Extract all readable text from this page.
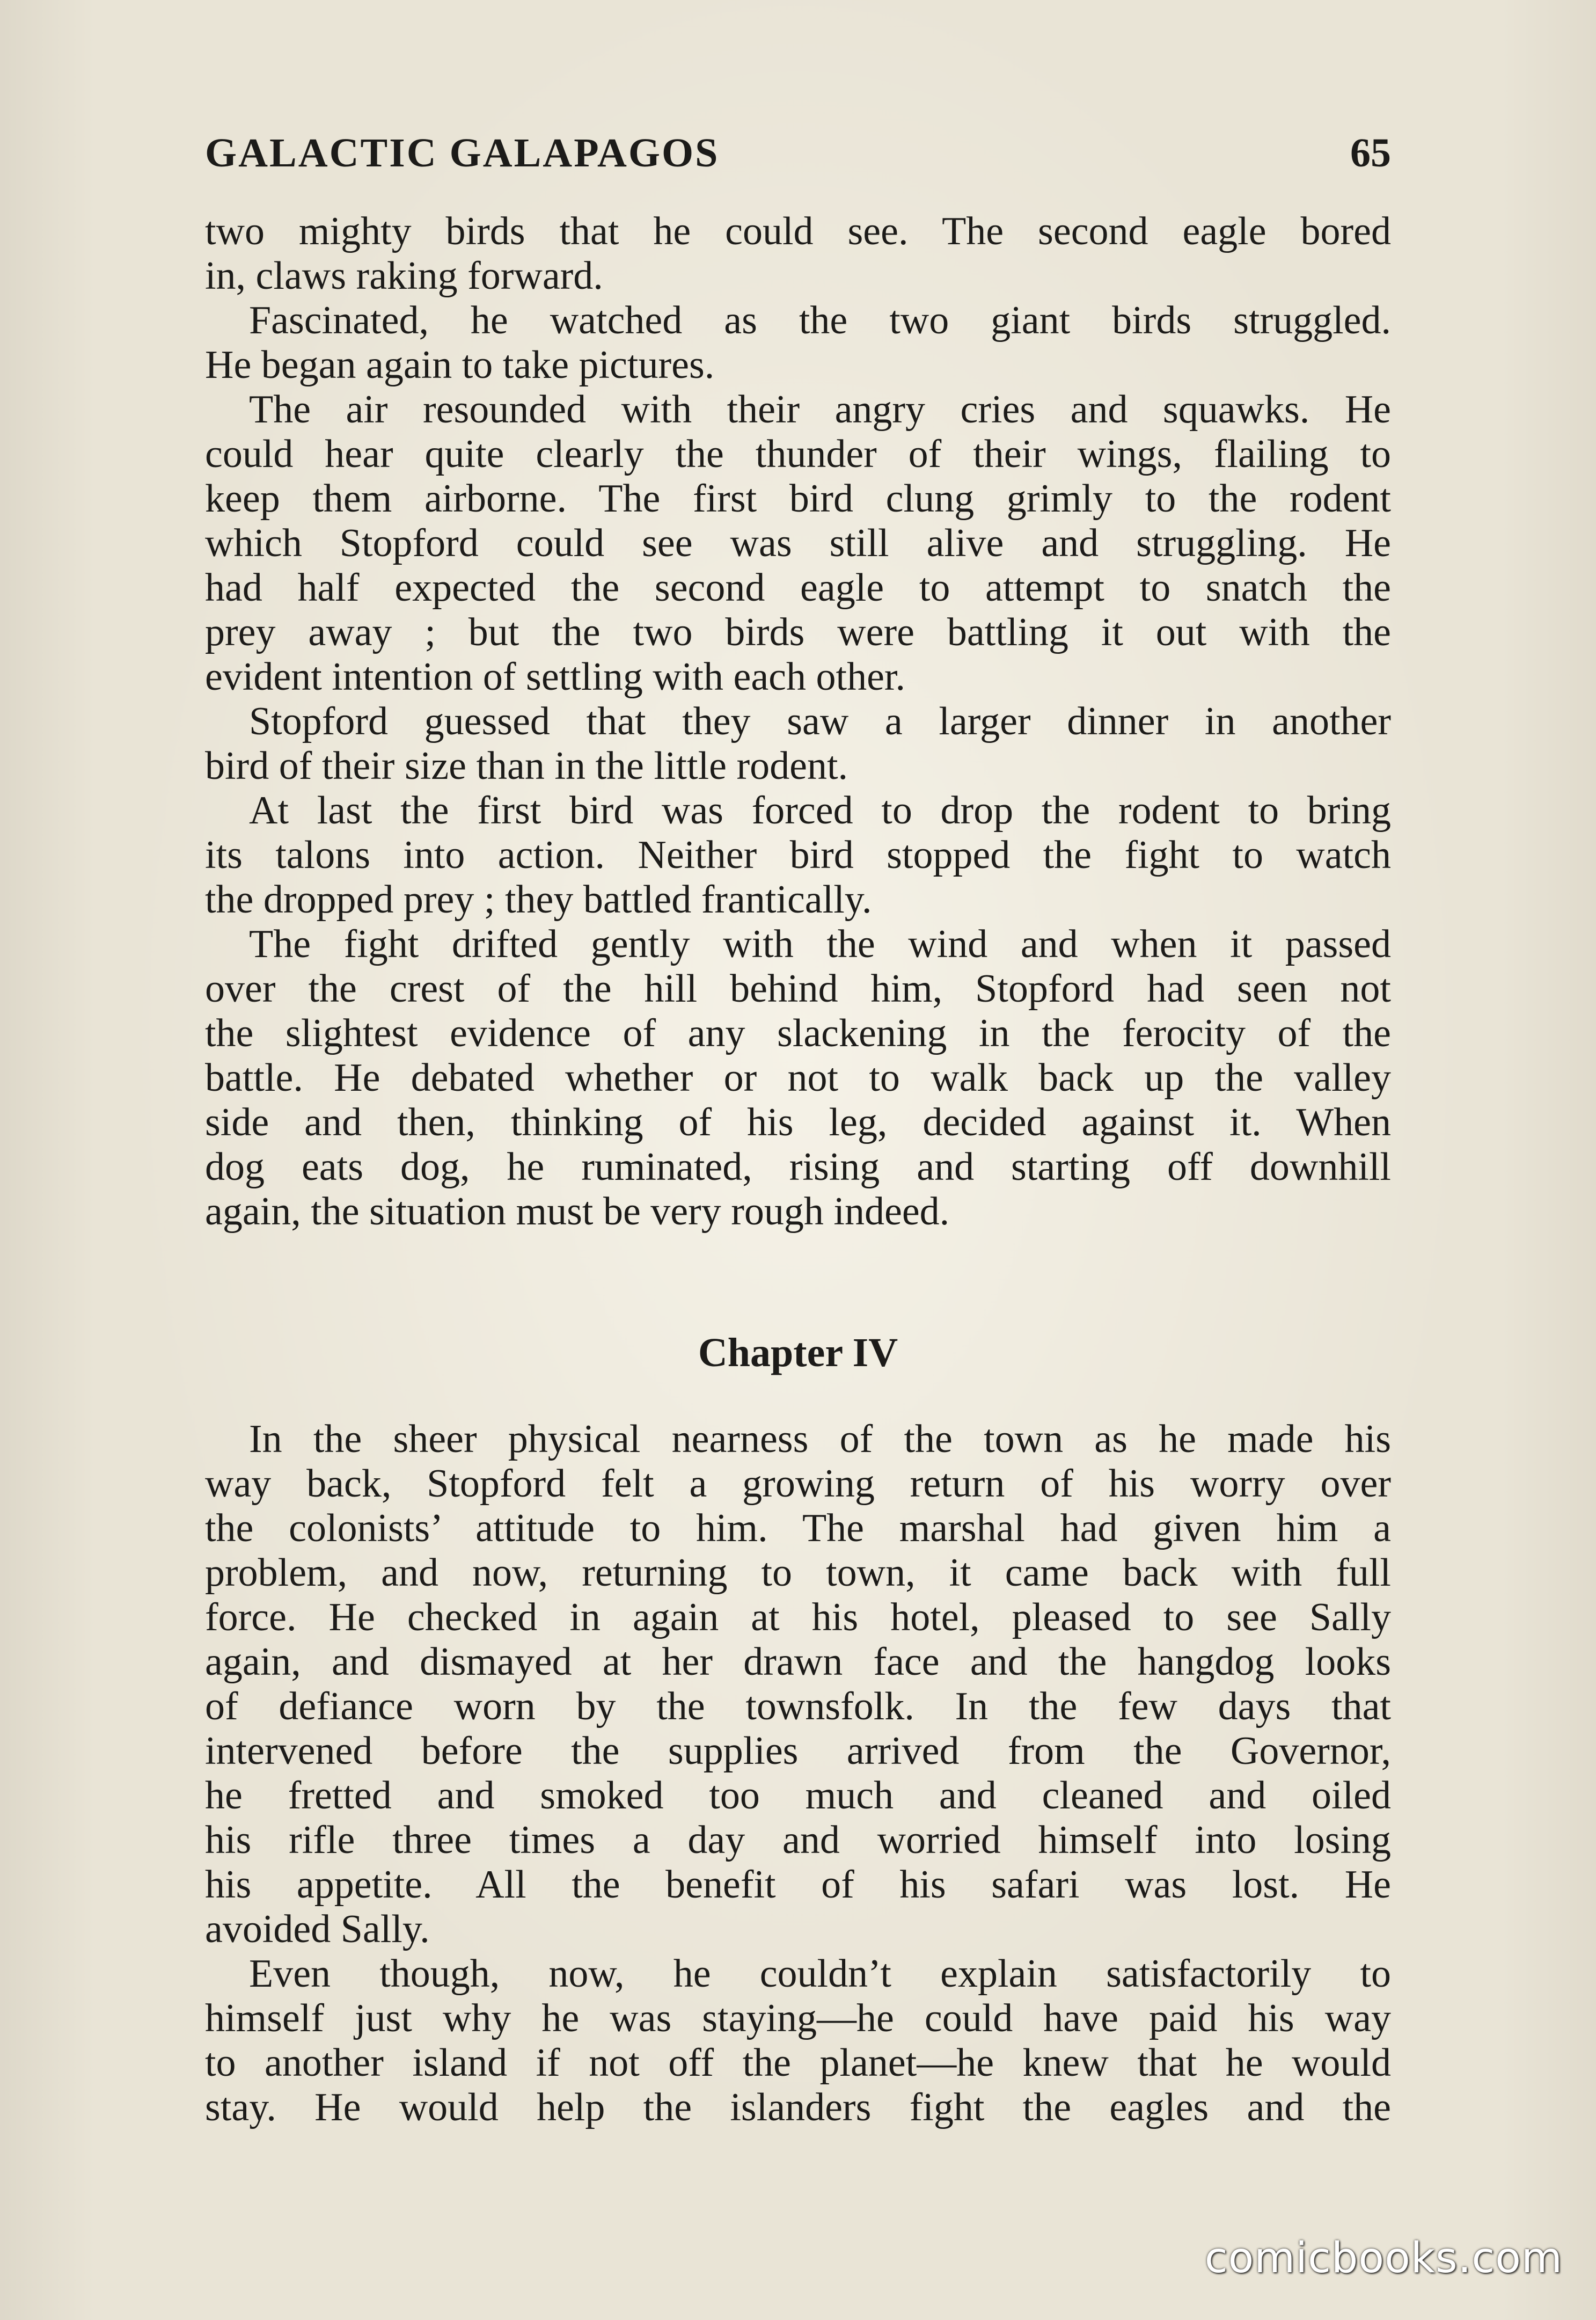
GALACTIC GALAPAGOS	65

two mighty birds that he could see. The second eagle bored
in, claws raking forward.

Fascinated, he watched as the two giant birds struggled.
He began again to take pictures.

The air resounded with their angry cries and squawks. He
could hear quite clearly the thunder of their wings, flailing to
keep them airborne. The first bird clung grimly to the rodent
which Stopford could see was still alive and struggling. He
had half expected the second eagle to attempt to snatch the
prey away ; but the two birds were battling it out with the
evident intention of settling with each other.

Stopford guessed that they saw a larger dinner in another
bird of their size than in the little rodent.

At last the first bird was forced to drop the rodent to bring
its talons into action. Neither bird stopped the fight to watch
the dropped prey ; they battled frantically.

The fight drifted gently with the wind and when it passed
over the crest of the hill behind him, Stopford had seen not
the slightest evidence of any slackening in the ferocity of the
battle. He debated whether or not to walk back up the valley
side and then, thinking of his leg, decided against it. When
dog eats dog, he ruminated, rising and starting off downhill
again, the situation must be very rough indeed.

Chapter IV

In the sheer physical nearness of the town as he made his
way back, Stopford felt a growing return of his worry over
the colonists’ attitude to him. The marshal had given him a
problem, and now, returning to town, it came back with full
force. He checked in again at his hotel, pleased to see Sally
again, and dismayed at her drawn face and the hangdog looks
of defiance worn by the townsfolk. In the few days that
intervened before the supplies arrived from the Governor,
he fretted and smoked too much and cleaned and oiled
his rifle three times a day and worried himself into losing
his appetite. All the benefit of his safari was lost. He
avoided Sally.

Even though, now, he couldn’t explain satisfactorily to
himself just why he was staying—he could have paid his way
to another island if not off the planet—he knew that he would
stay. He would help the islanders fight the eagles and the

comicbooks.com
